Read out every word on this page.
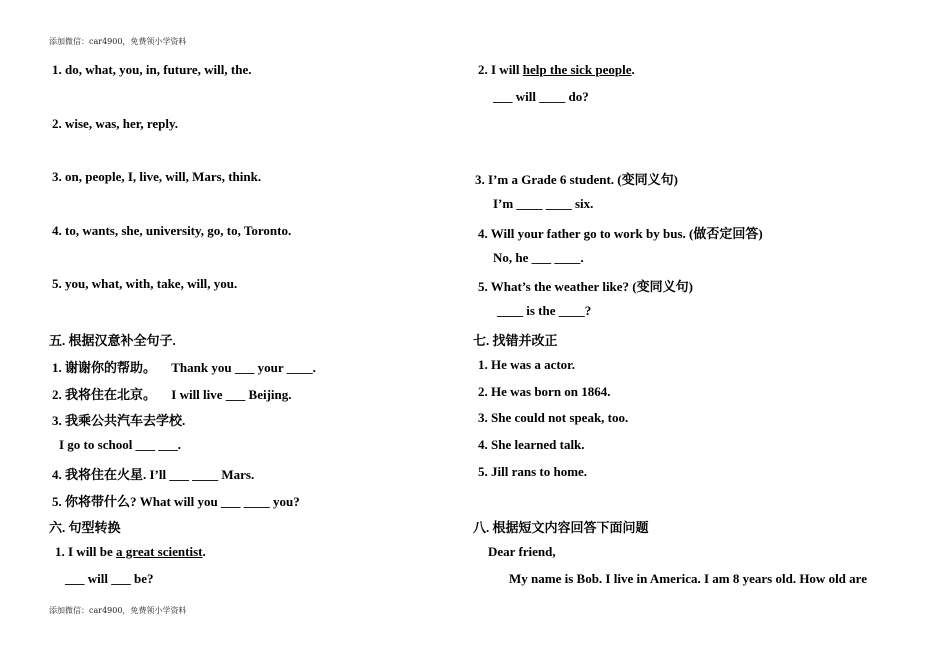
添加微信：car4900，免费领小学资料
1. do, what, you, in, future, will, the.
2. wise, was, her, reply.
3. on, people, I, live, will, Mars, think.
4. to, wants, she, university, go, to, Toronto.
5. you, what, with, take, will, you.
五. 根据汉意补全句子.
1. 谢谢你的帮助。 Thank you ___ your ____.
2. 我将住在北京。 I will live ___ Beijing.
3. 我乘公共汽车去学校.
I go to school ___ ___.
4. 我将住在火星. I’ll ___ ____ Mars.
5. 你将带什么? What will you ___ ____ you?
六. 句型转换
1. I will be a great scientist.
___ will ___ be?
2. I will help the sick people.
___ will ____ do?
3. I’m a Grade 6 student. (变同义句)
I’m ____ ____ six.
4. Will your father go to work by bus. (做否定回答)
No, he ___ ____.
5. What’s the weather like? (变同义句)
____ is the ____?
七. 找错并改正
1. He was a actor.
2. He was born on 1864.
3. She could not speak, too.
4. She learned talk.
5. Jill rans to home.
八. 根据短文内容回答下面问题
Dear friend,
My name is Bob. I live in America. I am 8 years old. How old are
添加微信：car4900，免费领小学资料
